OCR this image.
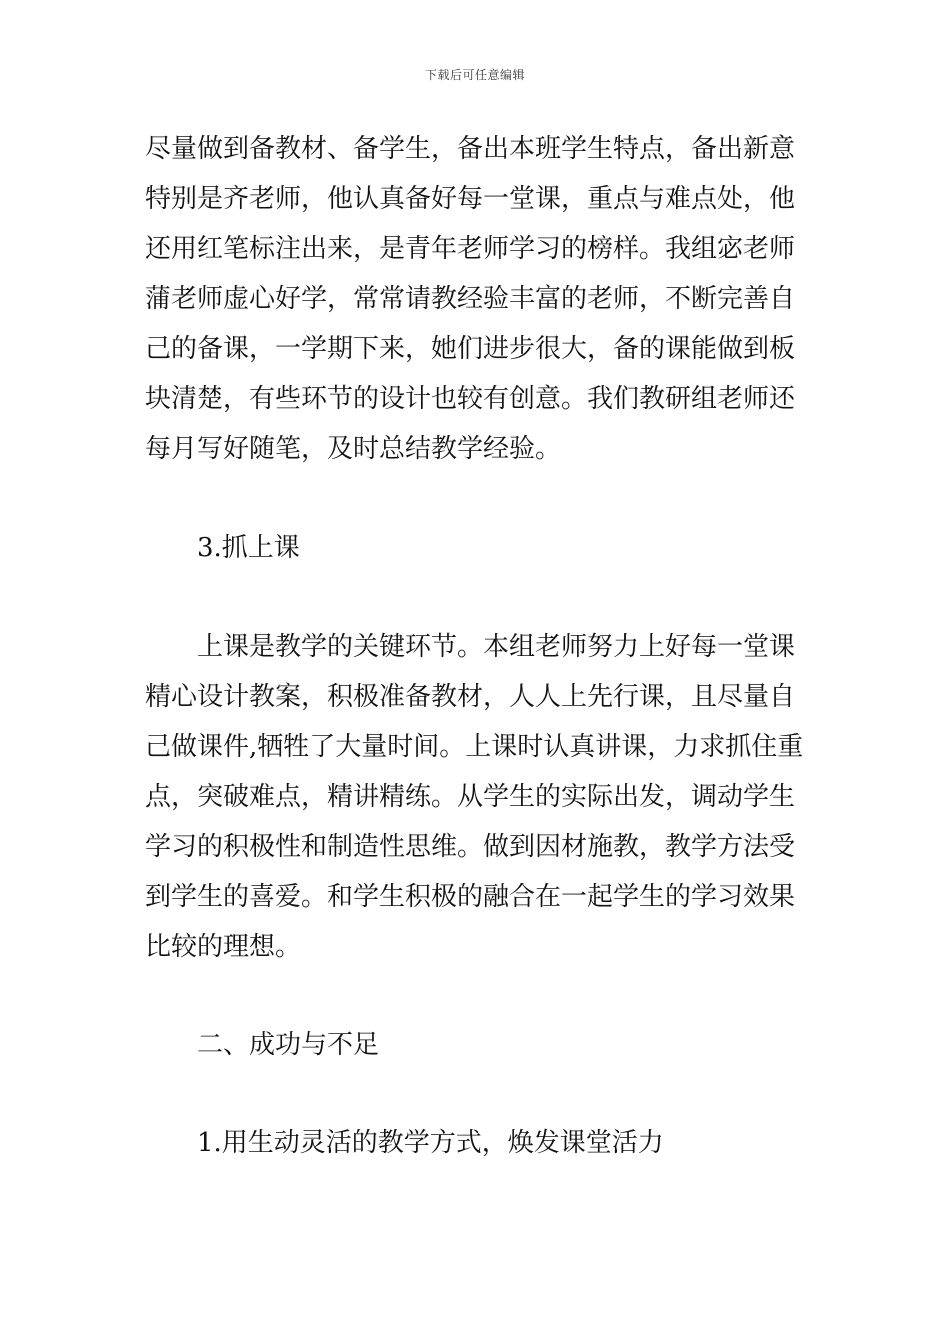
下载后可任意编辑
尽量做到备教材、备学生，备出本班学生特点，备出新意
特别是齐老师，他认真备好每一堂课，重点与难点处，他
还用红笔标注出来，是青年老师学习的榜样。我组宓老师
蒲老师虚心好学，常常请教经验丰富的老师，不断完善自
己的备课，一学期下来，她们进步很大，备的课能做到板
块清楚，有些环节的设计也较有创意。我们教研组老师还
每月写好随笔，及时总结教学经验。
3.抓上课
上课是教学的关键环节。本组老师努力上好每一堂课
精心设计教案，积极准备教材，人人上先行课，且尽量自
己做课件,牺牲了大量时间。上课时认真讲课，力求抓住重
点，突破难点，精讲精练。从学生的实际出发，调动学生
学习的积极性和制造性思维。做到因材施教，教学方法受
到学生的喜爱。和学生积极的融合在一起学生的学习效果
比较的理想。
二、成功与不足
1.用生动灵活的教学方式，焕发课堂活力
